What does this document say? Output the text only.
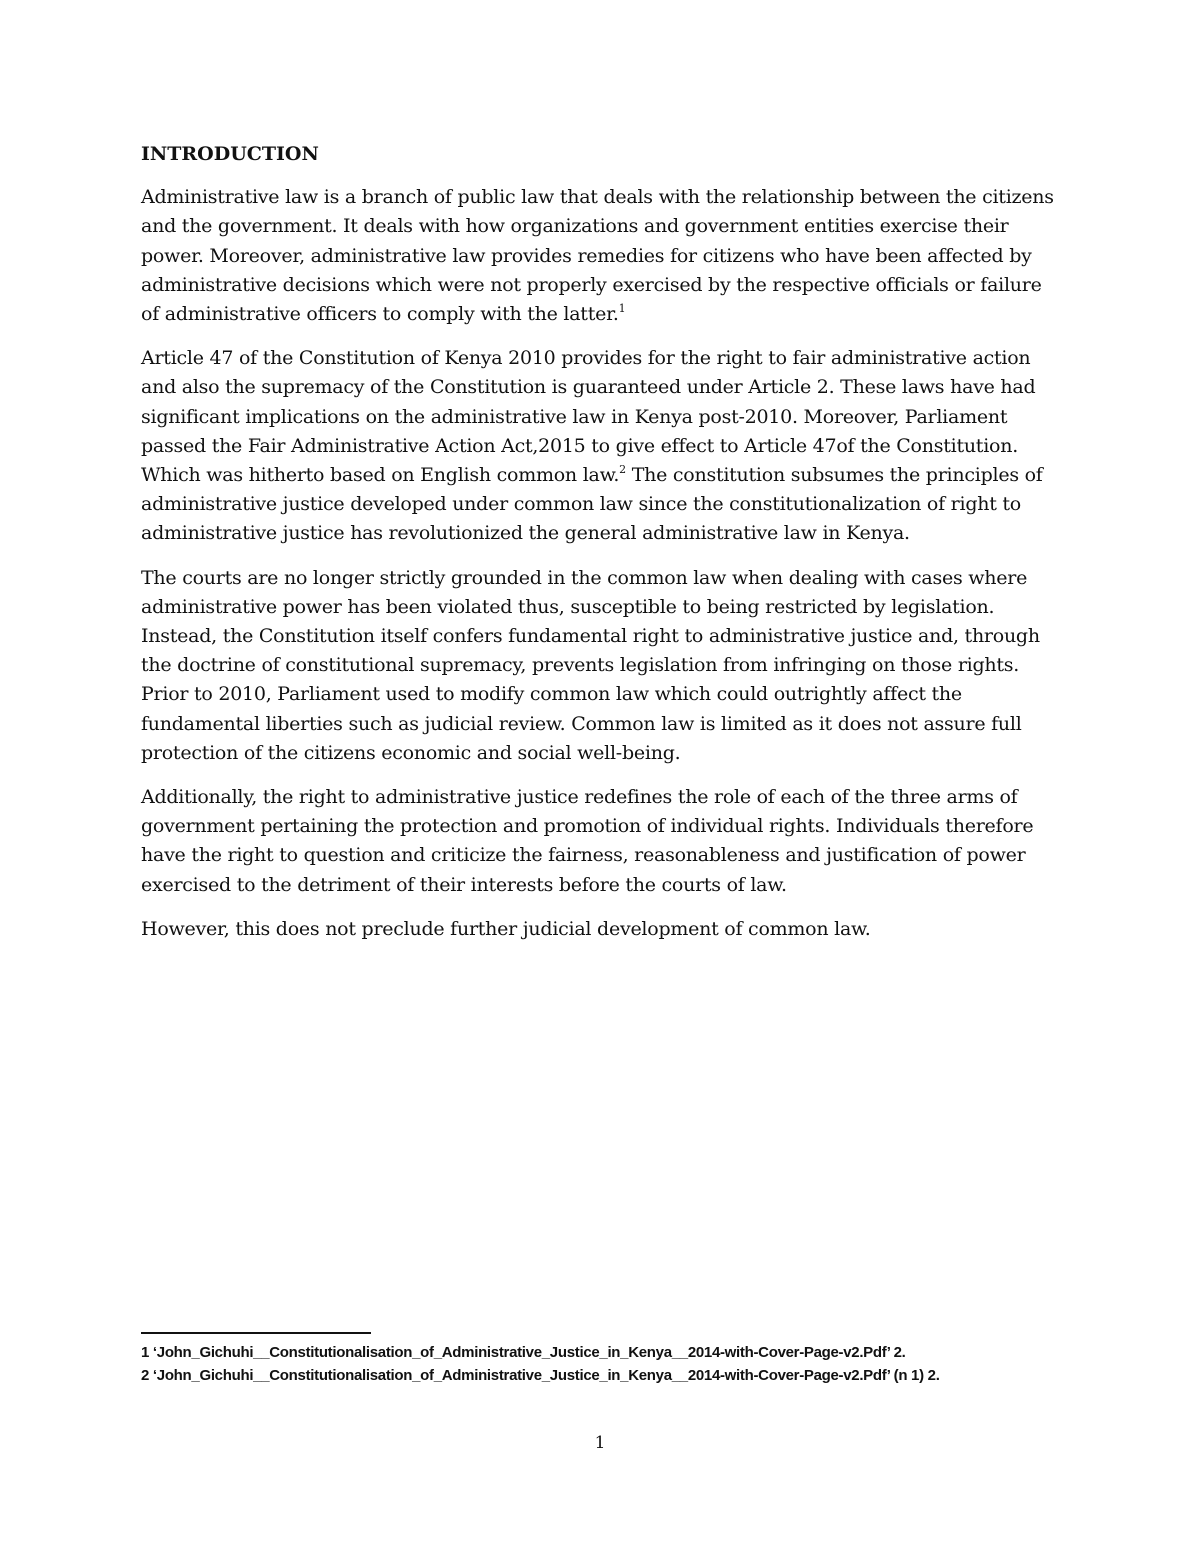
INTRODUCTION

Administrative law is a branch of public law that deals with the relationship between the citizens and the government. It deals with how organizations and government entities exercise their power. Moreover, administrative law provides remedies for citizens who have been affected by administrative decisions which were not properly exercised by the respective officials or failure of administrative officers to comply with the latter.$^1$

Article 47 of the Constitution of Kenya 2010 provides for the right to fair administrative action and also the supremacy of the Constitution is guaranteed under Article 2. These laws have had significant implications on the administrative law in Kenya post-2010. Moreover, Parliament passed the Fair Administrative Action Act,2015 to give effect to Article 47of the Constitution. Which was hitherto based on English common law.$^2$ The constitution subsumes the principles of administrative justice developed under common law since the constitutionalization of right to administrative justice has revolutionized the general administrative law in Kenya.

The courts are no longer strictly grounded in the common law when dealing with cases where administrative power has been violated thus, susceptible to being restricted by legislation. Instead, the Constitution itself confers fundamental right to administrative justice and, through the doctrine of constitutional supremacy, prevents legislation from infringing on those rights. Prior to 2010, Parliament used to modify common law which could outrightly affect the fundamental liberties such as judicial review. Common law is limited as it does not assure full protection of the citizens economic and social well-being.

Additionally, the right to administrative justice redefines the role of each of the three arms of government pertaining the protection and promotion of individual rights. Individuals therefore have the right to question and criticize the fairness, reasonableness and justification of power exercised to the detriment of their interests before the courts of law.

However, this does not preclude further judicial development of common law.

1 ‘John_Gichuhi__Constitutionalisation_of_Administrative_Justice_in_Kenya__2014-with-Cover-Page-v2.Pdf’ 2.

2 ‘John_Gichuhi__Constitutionalisation_of_Administrative_Justice_in_Kenya__2014-with-Cover-Page-v2.Pdf’ (n 1) 2.

1
